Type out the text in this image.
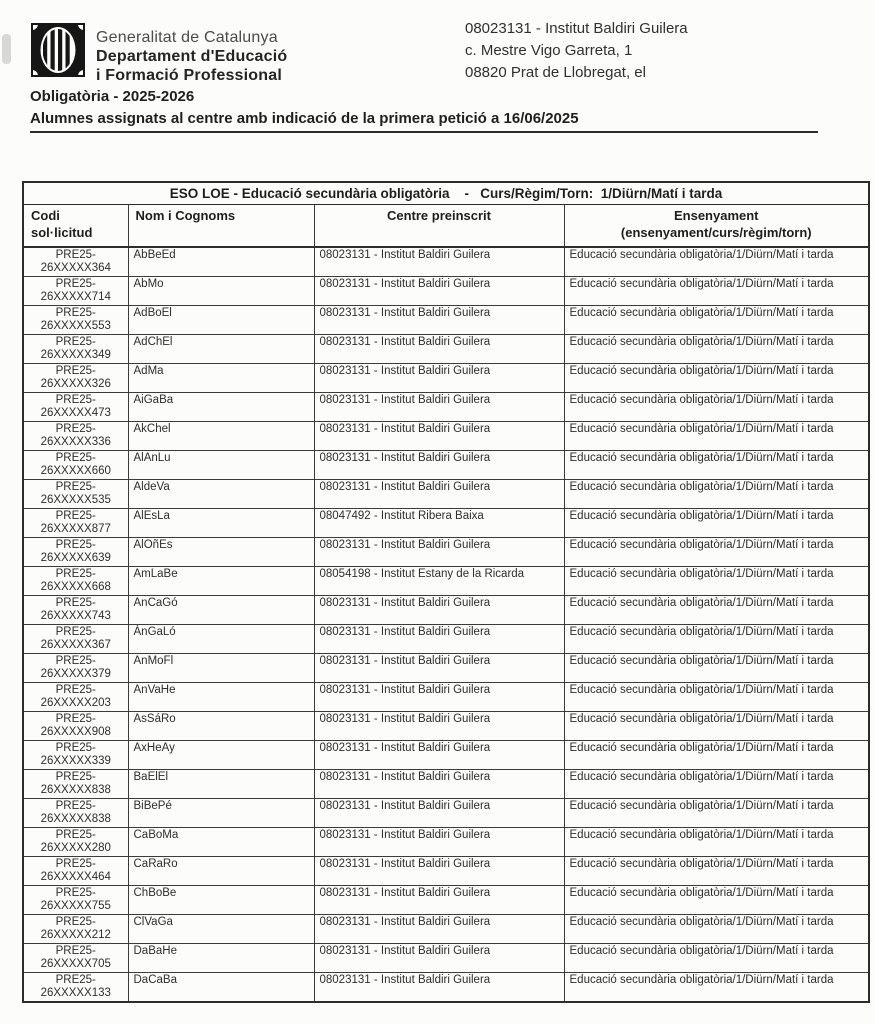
Generalitat de Catalunya
Departament d'Educació
i Formació Professional
08023131 - Institut Baldiri Guilera
c. Mestre Vigo Garreta, 1
08820 Prat de Llobregat, el
Obligatòria - 2025-2026
Alumnes assignats al centre amb indicació de la primera petició a 16/06/2025
ESO LOE - Educació secundària obligatòria    -   Curs/Règim/Torn:  1/Diürn/Matí i tarda			

Codi
sol·licitud

Nom i Cognoms	Centre preinscrit	Ensenyament
(ensenyament/curs/règim/torn)

PRE25-
26XXXXX364	AbBeEd	08023131 - Institut Baldiri Guilera	Educació secundària obligatòria/1/Diürn/Matí i tarda

PRE25-
26XXXXX714	AbMo	08023131 - Institut Baldiri Guilera	Educació secundària obligatòria/1/Diürn/Matí i tarda

PRE25-
26XXXXX553	AdBoEl	08023131 - Institut Baldiri Guilera	Educació secundària obligatòria/1/Diürn/Matí i tarda

PRE25-
26XXXXX349	AdChEl	08023131 - Institut Baldiri Guilera	Educació secundària obligatòria/1/Diürn/Matí i tarda

PRE25-
26XXXXX326	AdMa	08023131 - Institut Baldiri Guilera	Educació secundària obligatòria/1/Diürn/Matí i tarda

PRE25-
26XXXXX473	AiGaBa	08023131 - Institut Baldiri Guilera	Educació secundària obligatòria/1/Diürn/Matí i tarda

PRE25-
26XXXXX336	AkChel	08023131 - Institut Baldiri Guilera	Educació secundària obligatòria/1/Diürn/Matí i tarda

PRE25-
26XXXXX660	AlAnLu	08023131 - Institut Baldiri Guilera	Educació secundària obligatòria/1/Diürn/Matí i tarda

PRE25-
26XXXXX535	AldeVa	08023131 - Institut Baldiri Guilera	Educació secundària obligatòria/1/Diürn/Matí i tarda

PRE25-
26XXXXX877	AlEsLa	08047492 - Institut Ribera Baixa	Educació secundària obligatòria/1/Diürn/Matí i tarda

PRE25-
26XXXXX639	AlOñEs	08023131 - Institut Baldiri Guilera	Educació secundària obligatòria/1/Diürn/Matí i tarda

PRE25-
26XXXXX668	AmLaBe	08054198 - Institut Estany de la Ricarda	Educació secundària obligatòria/1/Diürn/Matí i tarda

PRE25-
26XXXXX743	AnCaGó	08023131 - Institut Baldiri Guilera	Educació secundària obligatòria/1/Diürn/Matí i tarda

PRE25-
26XXXXX367	ÀnGaLó	08023131 - Institut Baldiri Guilera	Educació secundària obligatòria/1/Diürn/Matí i tarda

PRE25-
26XXXXX379	AnMoFl	08023131 - Institut Baldiri Guilera	Educació secundària obligatòria/1/Diürn/Matí i tarda

PRE25-
26XXXXX203	AnVaHe	08023131 - Institut Baldiri Guilera	Educació secundària obligatòria/1/Diürn/Matí i tarda

PRE25-
26XXXXX908	AsSáRo	08023131 - Institut Baldiri Guilera	Educació secundària obligatòria/1/Diürn/Matí i tarda

PRE25-
26XXXXX339	AxHeAy	08023131 - Institut Baldiri Guilera	Educació secundària obligatòria/1/Diürn/Matí i tarda

PRE25-
26XXXXX838	BaElEl	08023131 - Institut Baldiri Guilera	Educació secundària obligatòria/1/Diürn/Matí i tarda

PRE25-
26XXXXX838	BiBePé	08023131 - Institut Baldiri Guilera	Educació secundària obligatòria/1/Diürn/Matí i tarda

PRE25-
26XXXXX280	CaBoMa	08023131 - Institut Baldiri Guilera	Educació secundària obligatòria/1/Diürn/Matí i tarda

PRE25-
26XXXXX464	CaRaRo	08023131 - Institut Baldiri Guilera	Educació secundària obligatòria/1/Diürn/Matí i tarda

PRE25-
26XXXXX755	ChBoBe	08023131 - Institut Baldiri Guilera	Educació secundària obligatòria/1/Diürn/Matí i tarda

PRE25-
26XXXXX212	ClVaGa	08023131 - Institut Baldiri Guilera	Educació secundària obligatòria/1/Diürn/Matí i tarda

PRE25-
26XXXXX705	DaBaHe	08023131 - Institut Baldiri Guilera	Educació secundària obligatòria/1/Diürn/Matí i tarda

PRE25-
26XXXXX133	DaCaBa	08023131 - Institut Baldiri Guilera	Educació secundària obligatòria/1/Diürn/Matí i tarda
